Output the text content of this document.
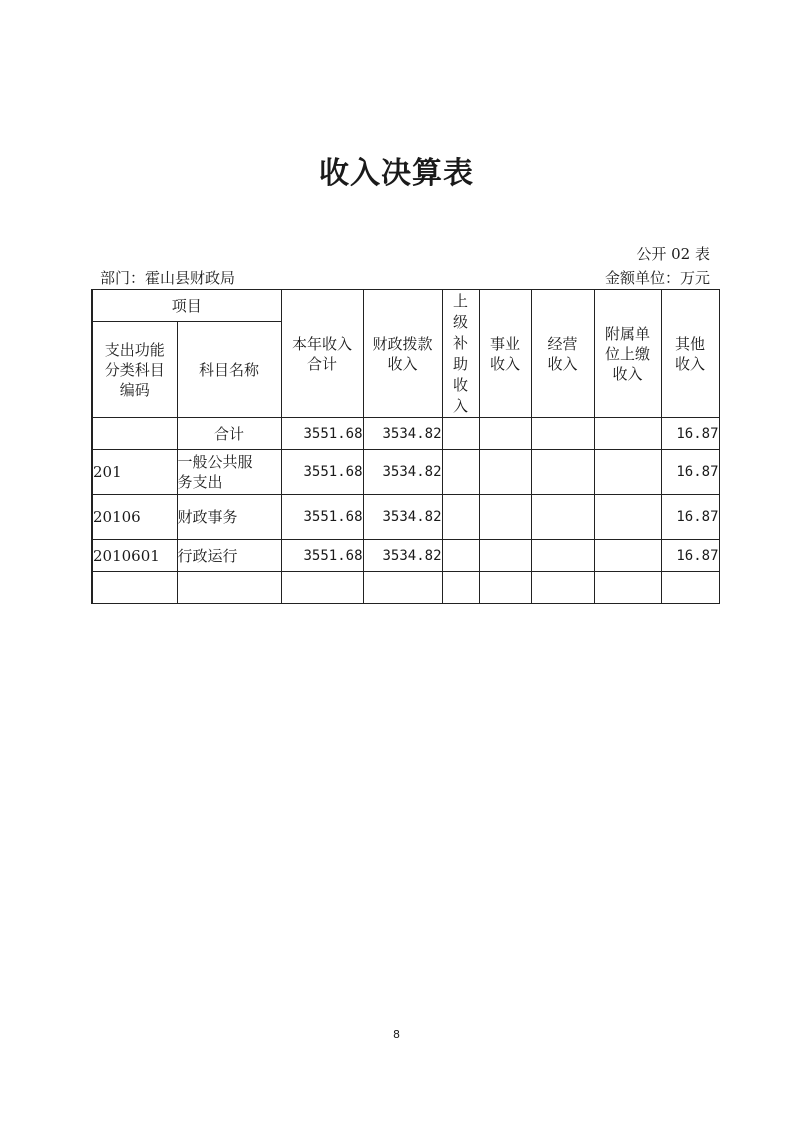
收入决算表
公开 02 表
部门：霍山县财政局	金额单位：万元
项目		本年收入合计	财政拨款收入	上级补助收入	事业收入	经营收入	附属单位上缴收入	其他收入

支出功能分类科目编码	科目名称							
	合计	3551.68	3534.82					16.87
201	一般公共服务支出	3551.68	3534.82					16.87
20106	财政事务	3551.68	3534.82					16.87
2010601	行政运行	3551.68	3534.82					16.87

8
